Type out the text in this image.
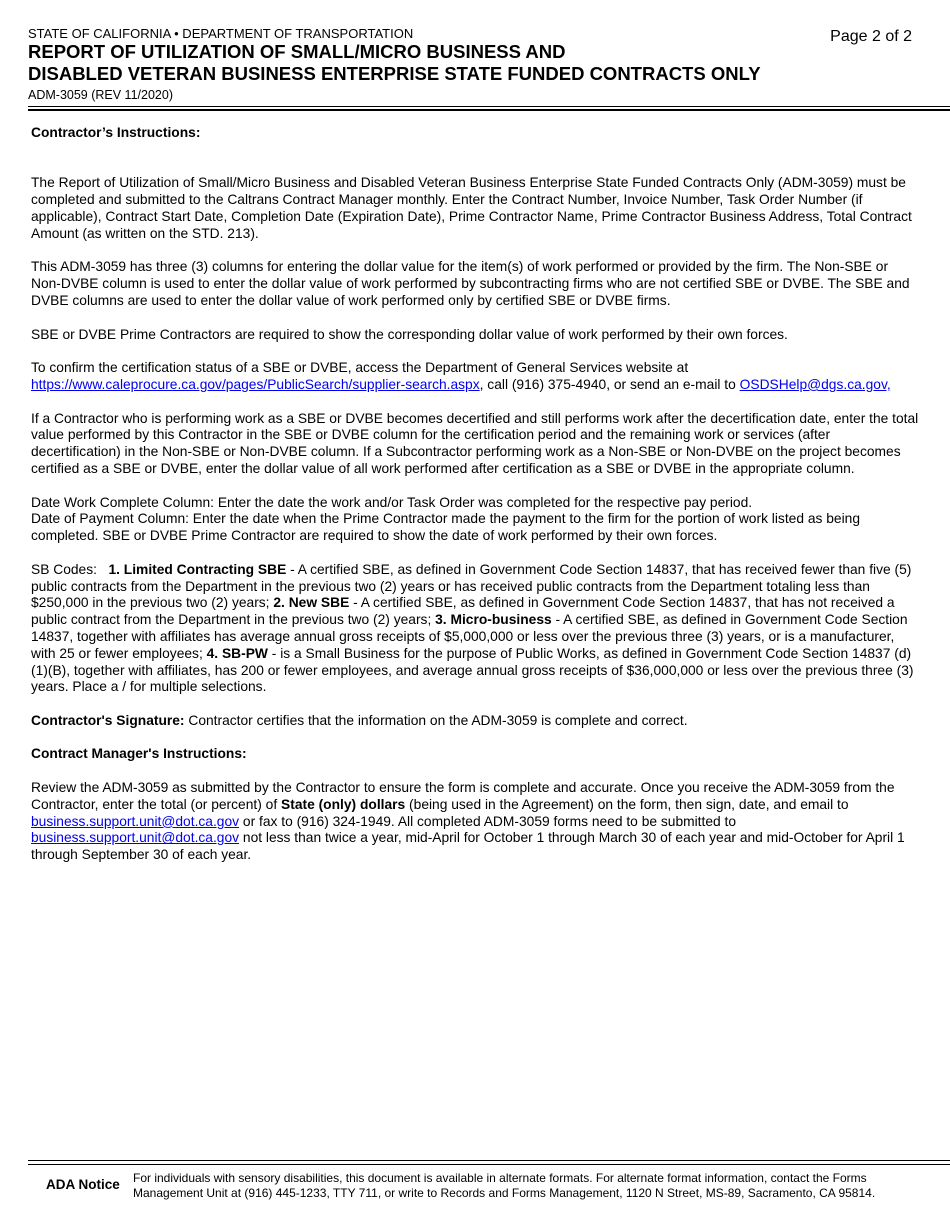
STATE OF CALIFORNIA • DEPARTMENT OF TRANSPORTATION
REPORT OF UTILIZATION OF SMALL/MICRO BUSINESS AND
DISABLED VETERAN BUSINESS ENTERPRISE STATE FUNDED CONTRACTS ONLY
ADM-3059 (REV 11/2020)
Page 2 of 2

Contractor’s Instructions:

The Report of Utilization of Small/Micro Business and Disabled Veteran Business Enterprise State Funded Contracts Only (ADM-3059) must be completed and submitted to the Caltrans Contract Manager monthly. Enter the Contract Number, Invoice Number, Task Order Number (if applicable), Contract Start Date, Completion Date (Expiration Date), Prime Contractor Name, Prime Contractor Business Address, Total Contract Amount (as written on the STD. 213).

This ADM-3059 has three (3) columns for entering the dollar value for the item(s) of work performed or provided by the firm. The Non-SBE or Non-DVBE column is used to enter the dollar value of work performed by subcontracting firms who are not certified SBE or DVBE. The SBE and DVBE columns are used to enter the dollar value of work performed only by certified SBE or DVBE firms.

SBE or DVBE Prime Contractors are required to show the corresponding dollar value of work performed by their own forces.

To confirm the certification status of a SBE or DVBE, access the Department of General Services website at
https://www.caleprocure.ca.gov/pages/PublicSearch/supplier-search.aspx, call (916) 375-4940, or send an e-mail to OSDSHelp@dgs.ca.gov,

If a Contractor who is performing work as a SBE or DVBE becomes decertified and still performs work after the decertification date, enter the total value performed by this Contractor in the SBE or DVBE column for the certification period and the remaining work or services (after decertification) in the Non-SBE or Non-DVBE column. If a Subcontractor performing work as a Non-SBE or Non-DVBE on the project becomes certified as a SBE or DVBE, enter the dollar value of all work performed after certification as a SBE or DVBE in the appropriate column.

Date Work Complete Column: Enter the date the work and/or Task Order was completed for the respective pay period.

Date of Payment Column: Enter the date when the Prime Contractor made the payment to the firm for the portion of work listed as being completed. SBE or DVBE Prime Contractor are required to show the date of work performed by their own forces.

SB Codes: 1. Limited Contracting SBE - A certified SBE, as defined in Government Code Section 14837, that has received fewer than five (5) public contracts from the Department in the previous two (2) years or has received public contracts from the Department totaling less than $250,000 in the previous two (2) years; 2. New SBE - A certified SBE, as defined in Government Code Section 14837, that has not received a public contract from the Department in the previous two (2) years; 3. Micro-business - A certified SBE, as defined in Government Code Section 14837, together with affiliates has average annual gross receipts of $5,000,000 or less over the previous three (3) years, or is a manufacturer, with 25 or fewer employees; 4. SB-PW - is a Small Business for the purpose of Public Works, as defined in Government Code Section 14837 (d)(1)(B), together with affiliates, has 200 or fewer employees, and average annual gross receipts of $36,000,000 or less over the previous three (3) years. Place a / for multiple selections.

Contractor's Signature: Contractor certifies that the information on the ADM-3059 is complete and correct.

Contract Manager's Instructions:

Review the ADM-3059 as submitted by the Contractor to ensure the form is complete and accurate. Once you receive the ADM-3059 from the Contractor, enter the total (or percent) of State (only) dollars (being used in the Agreement) on the form, then sign, date, and email to business.support.unit@dot.ca.gov or fax to (916) 324-1949. All completed ADM-3059 forms need to be submitted to business.support.unit@dot.ca.gov not less than twice a year, mid-April for October 1 through March 30 of each year and mid-October for April 1 through September 30 of each year.

ADA Notice For individuals with sensory disabilities, this document is available in alternate formats. For alternate format information, contact the Forms Management Unit at (916) 445-1233, TTY 711, or write to Records and Forms Management, 1120 N Street, MS-89, Sacramento, CA 95814.
